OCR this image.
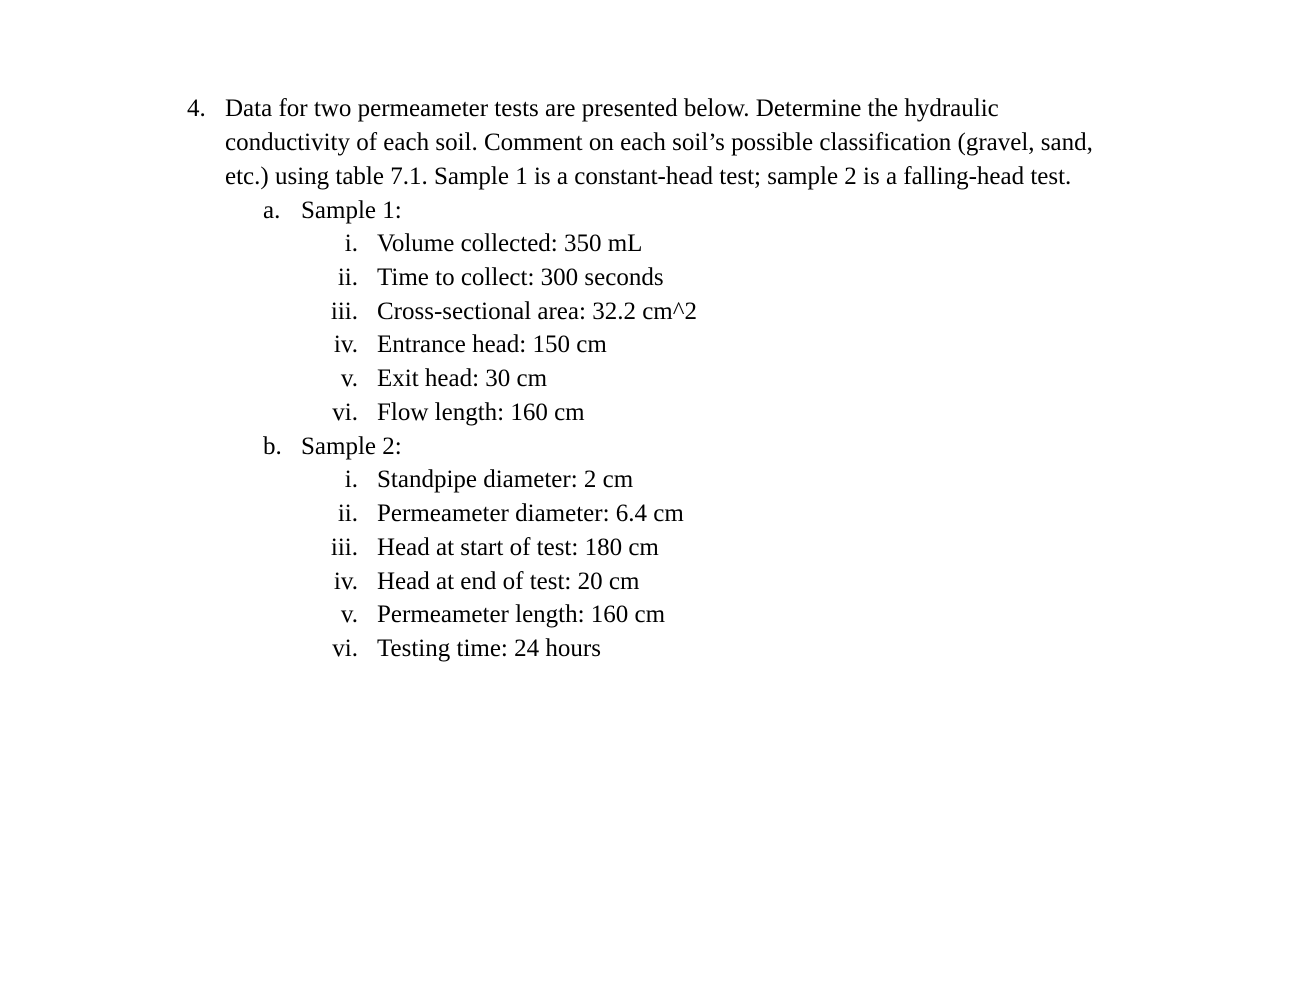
4. Data for two permeameter tests are presented below. Determine the hydraulic
conductivity of each soil. Comment on each soil’s possible classification (gravel, sand,
etc.) using table 7.1. Sample 1 is a constant-head test; sample 2 is a falling-head test.
a. Sample 1:
i. Volume collected: 350 mL
ii. Time to collect: 300 seconds
iii. Cross-sectional area: 32.2 cm^2
iv. Entrance head: 150 cm
v. Exit head: 30 cm
vi. Flow length: 160 cm
b. Sample 2:
i. Standpipe diameter: 2 cm
ii. Permeameter diameter: 6.4 cm
iii. Head at start of test: 180 cm
iv. Head at end of test: 20 cm
v. Permeameter length: 160 cm
vi. Testing time: 24 hours
